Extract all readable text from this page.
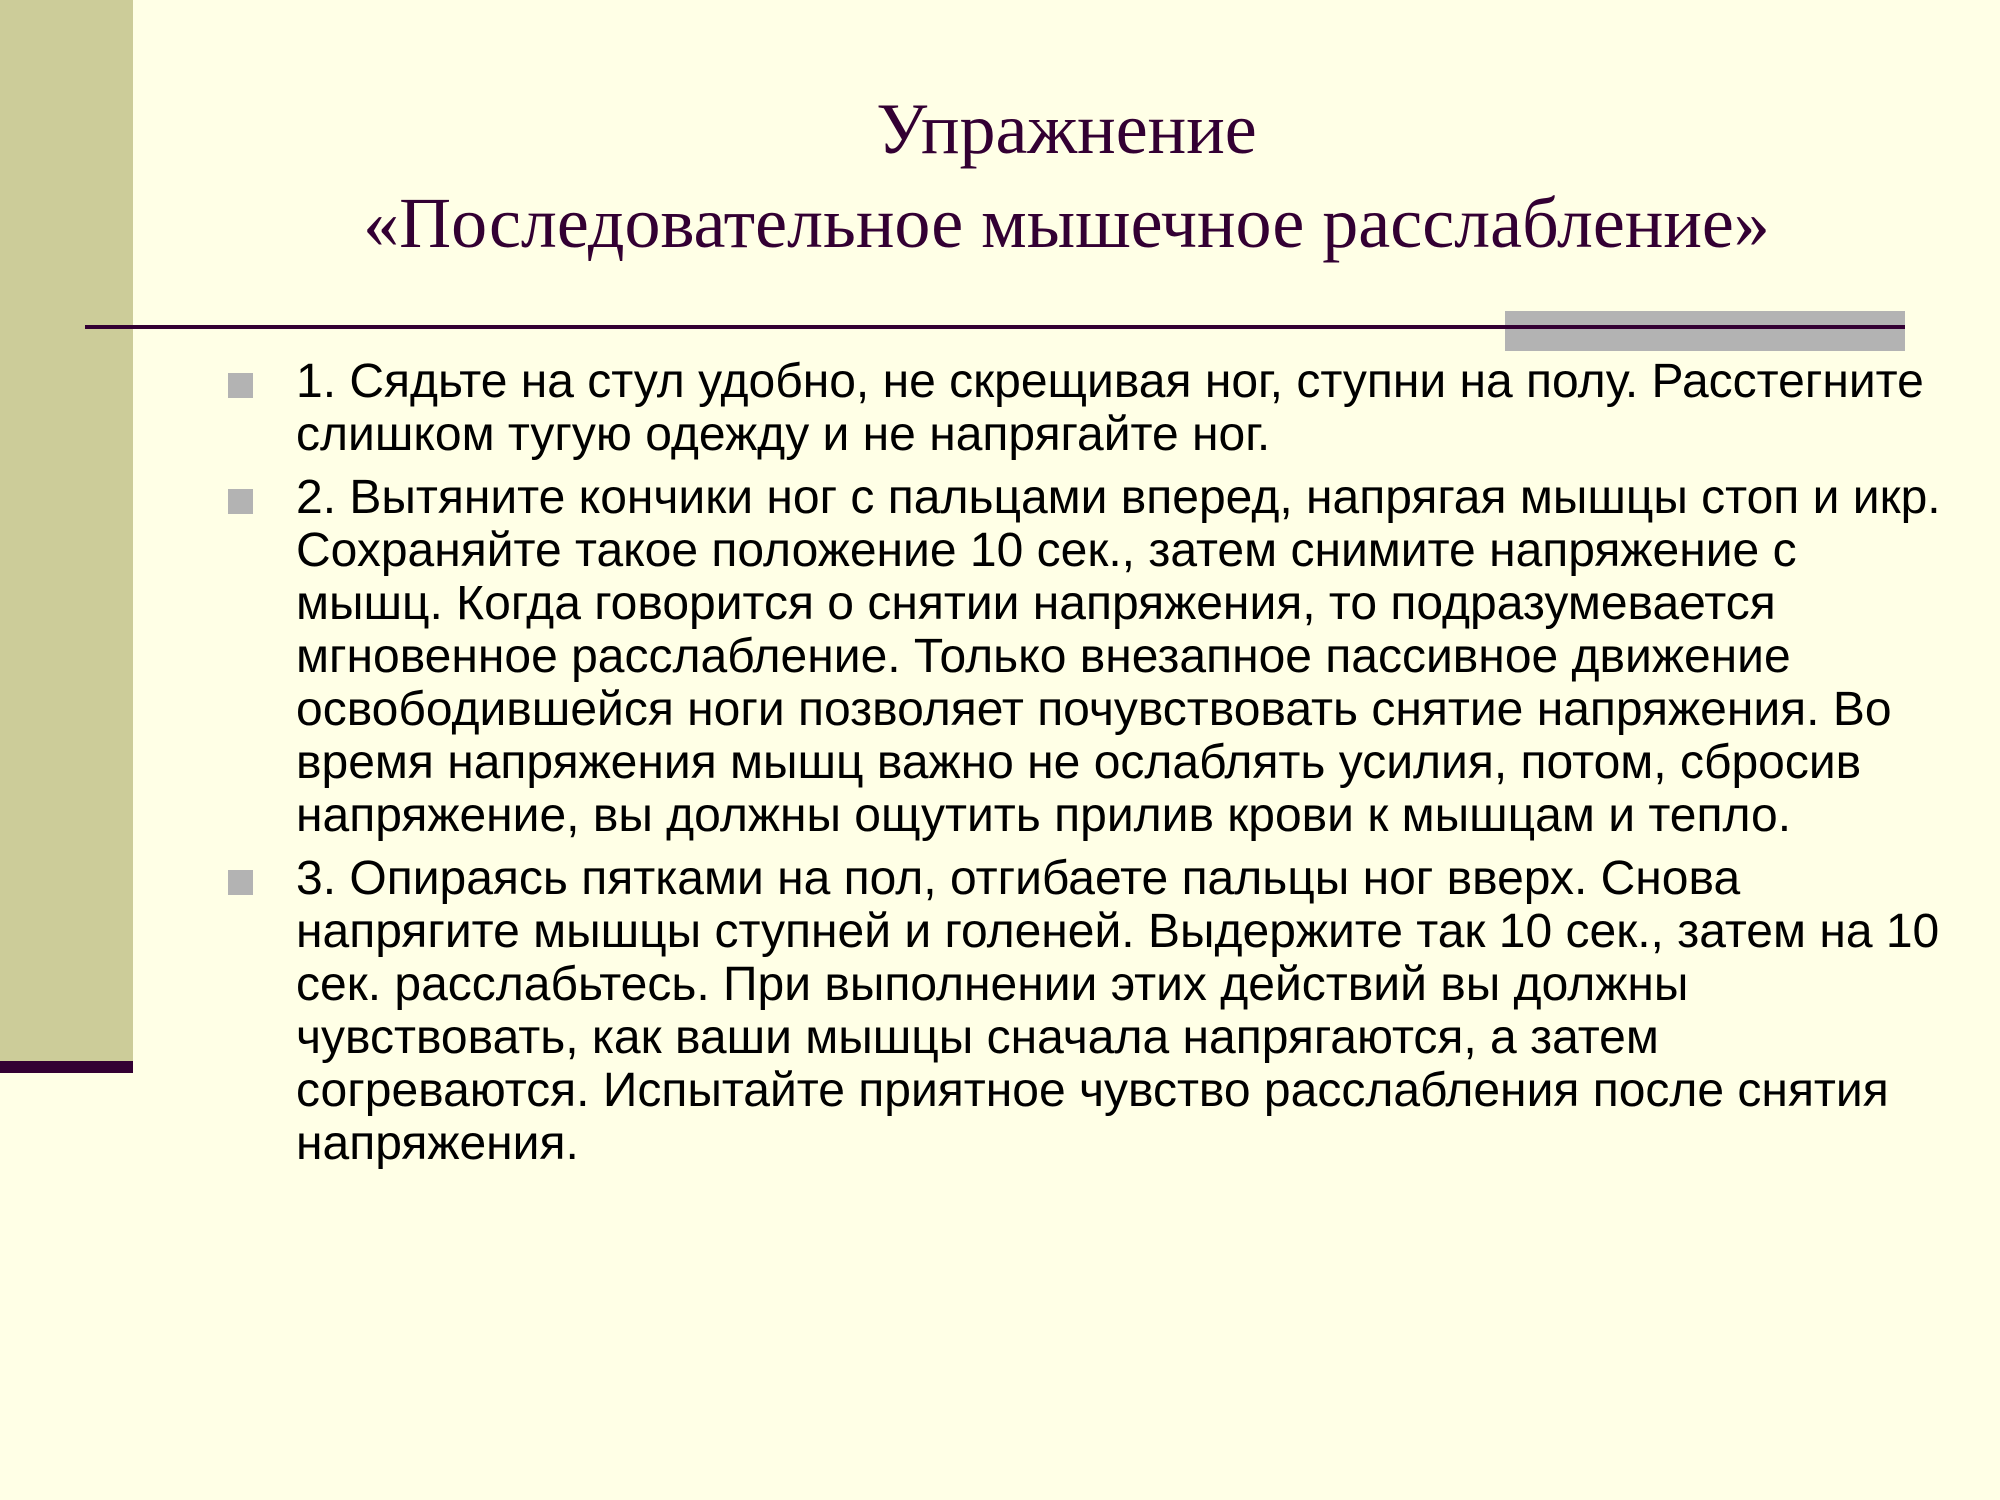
Упражнение
«Последовательное мышечное расслабление»
1. Сядьте на стул удобно, не скрещивая ног, ступни на полу. Расстегните слишком тугую одежду и не напрягайте ног.
2. Вытяните кончики ног с пальцами вперед, напрягая мышцы стоп и икр. Сохраняйте такое положение 10 сек., затем снимите напряжение с мышц. Когда говорится о снятии напряжения, то подразумевается мгновенное расслабление. Только внезапное пассивное движение освободившейся ноги позволяет почувствовать снятие напряжения. Во время напряжения мышц важно не ослаблять усилия, потом, сбросив напряжение, вы должны ощутить прилив крови к мышцам и тепло.
3. Опираясь пятками на пол, отгибаете пальцы ног вверх. Снова напрягите мышцы ступней и голеней. Выдержите так 10 сек., затем на 10 сек. расслабьтесь. При выполнении этих действий вы должны чувствовать, как ваши мышцы сначала напрягаются, а затем согреваются. Испытайте приятное чувство расслабления после снятия напряжения.
